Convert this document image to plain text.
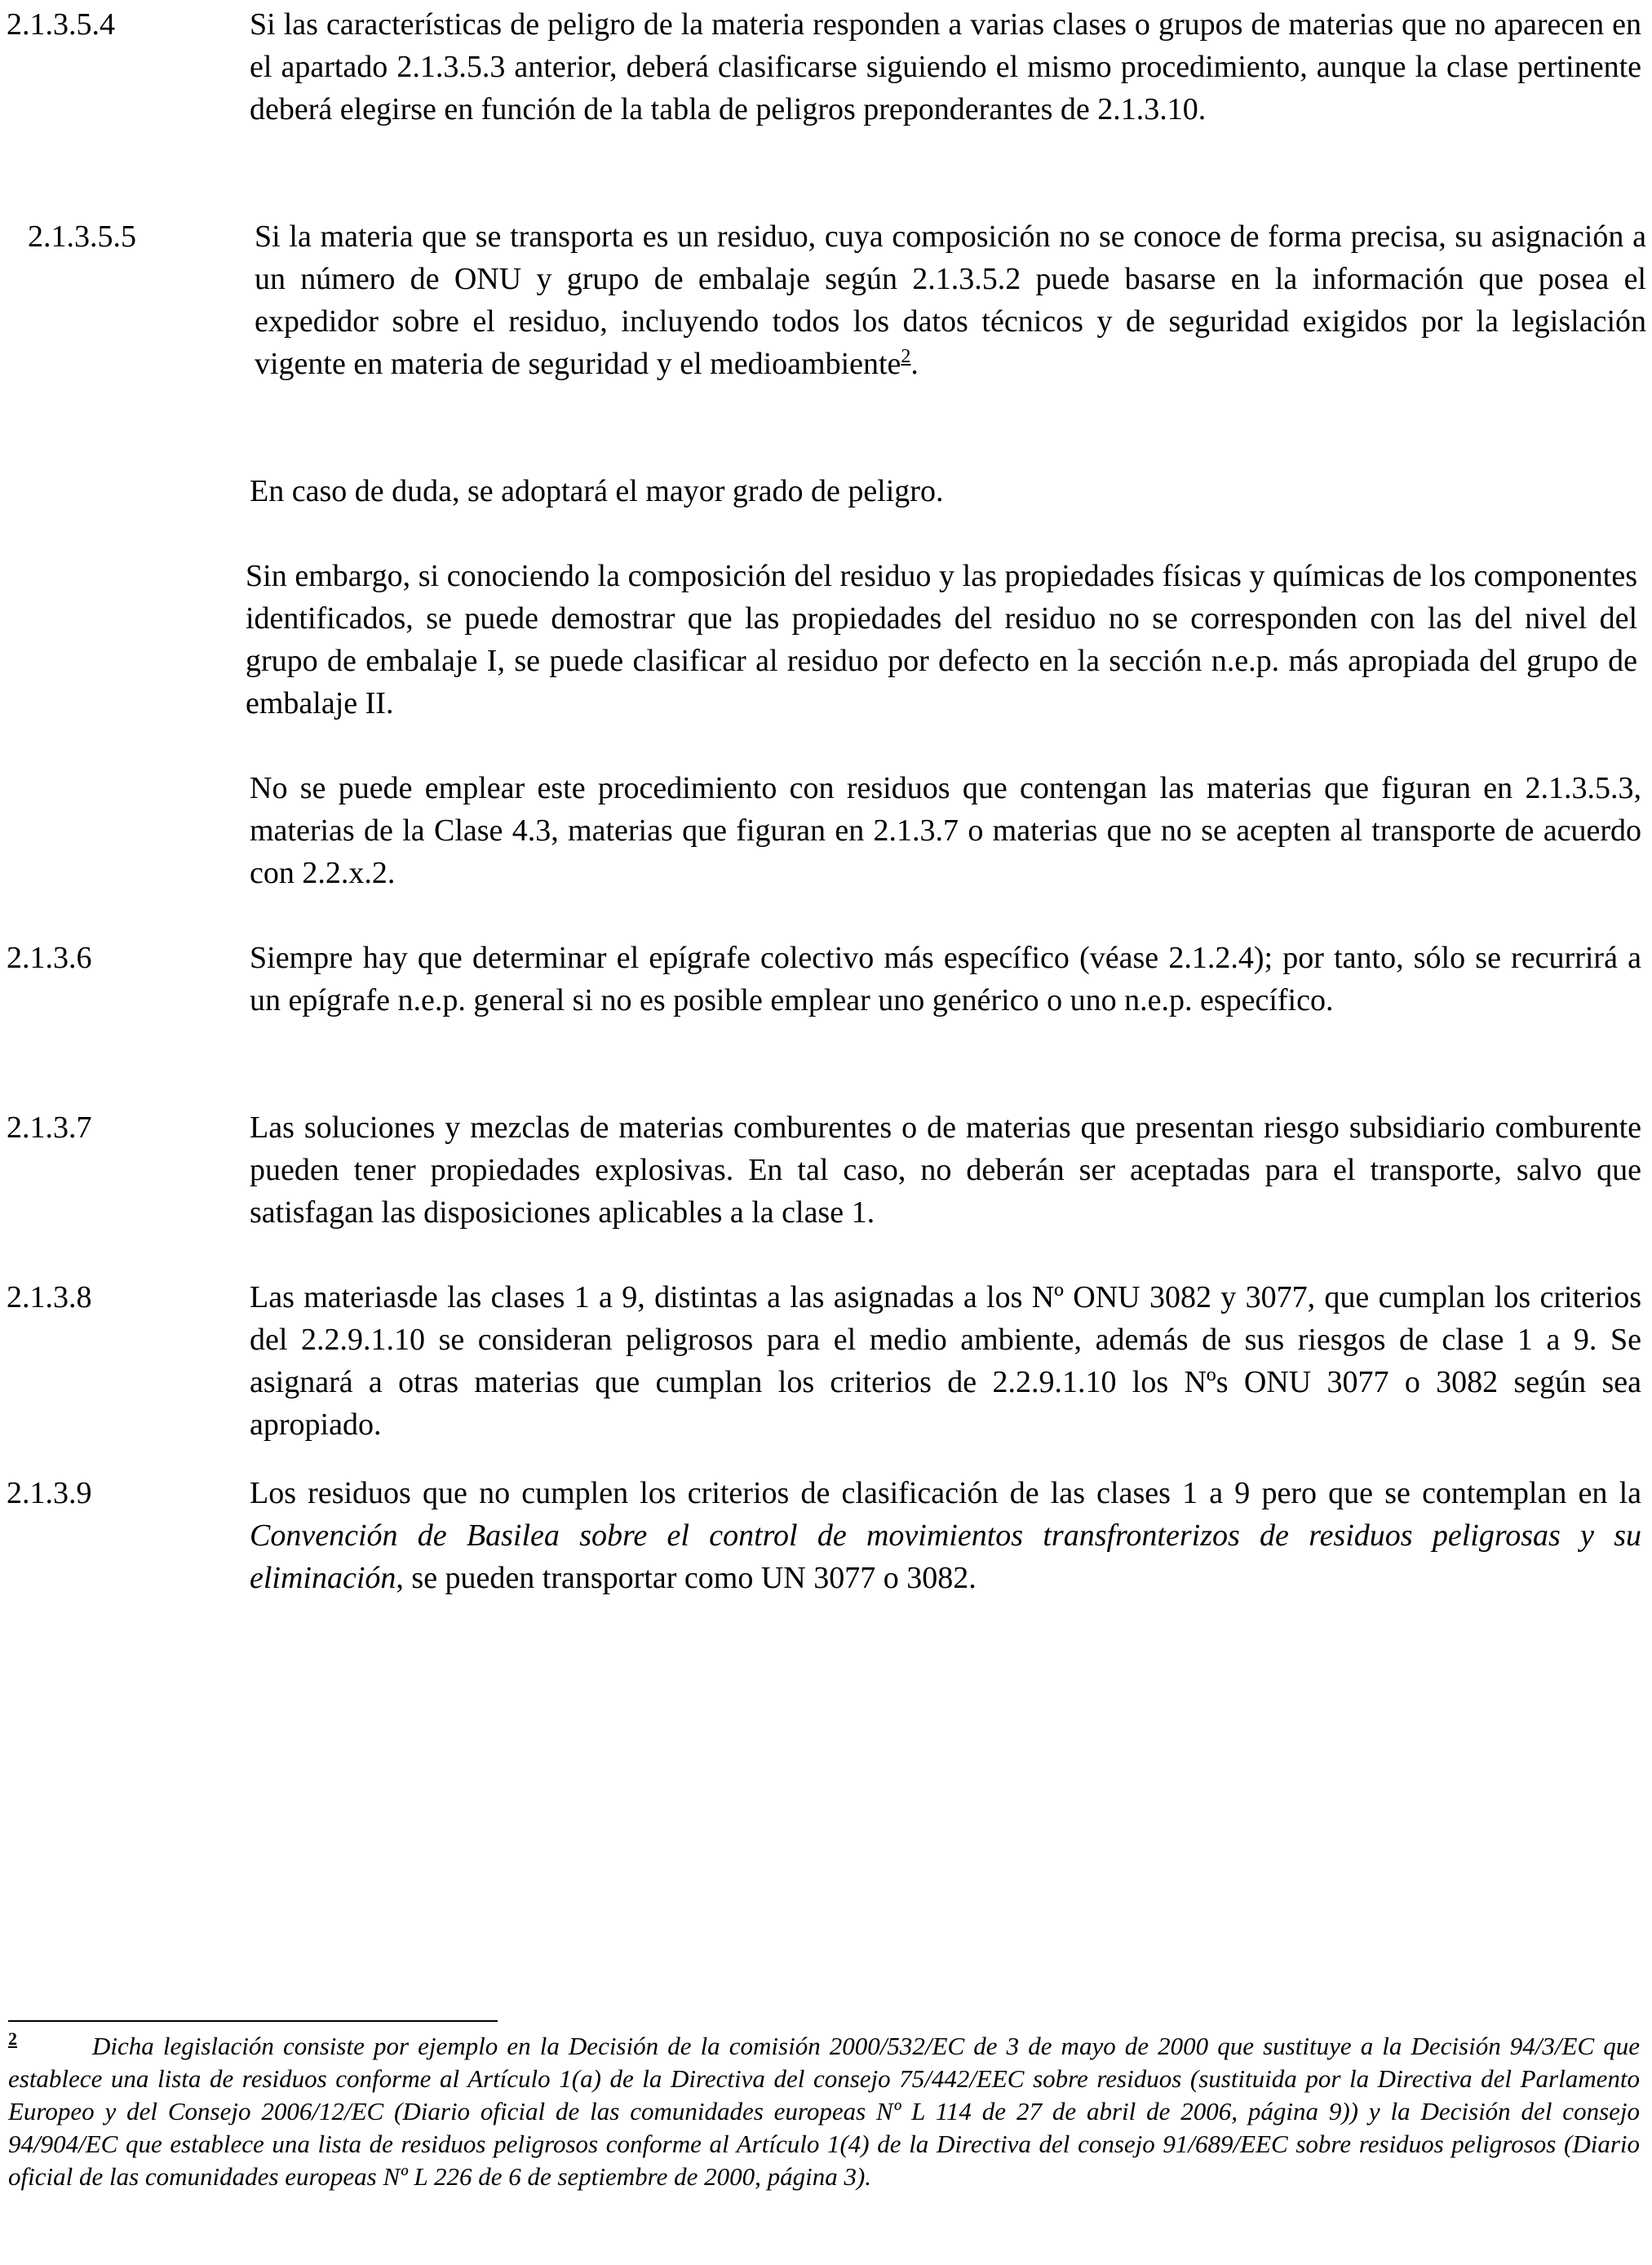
2.1.3.5.4	Si las características de peligro de la materia responden a varias clases o grupos de materias que no aparecen en el apartado 2.1.3.5.3 anterior, deberá clasificarse siguiendo el mismo procedimiento, aunque la clase pertinente deberá elegirse en función de la tabla de peligros preponderantes de 2.1.3.10.
2.1.3.5.5	Si la materia que se transporta es un residuo, cuya composición no se conoce de forma precisa, su asignación a un número de ONU y grupo de embalaje según 2.1.3.5.2 puede basarse en la información que posea el expedidor sobre el residuo, incluyendo todos los datos técnicos y de seguridad exigidos por la legislación vigente en materia de seguridad y el medioambiente$^2$.
En caso de duda, se adoptará el mayor grado de peligro.
Sin embargo, si conociendo la composición del residuo y las propiedades físicas y químicas de los componentes identificados, se puede demostrar que las propiedades del residuo no se corresponden con las del nivel del grupo de embalaje I, se puede clasificar al residuo por defecto en la sección n.e.p. más apropiada del grupo de embalaje II.
No se puede emplear este procedimiento con residuos que contengan las materias que figuran en 2.1.3.5.3, materias de la Clase 4.3, materias que figuran en 2.1.3.7 o materias que no se acepten al transporte de acuerdo con 2.2.x.2.
2.1.3.6	Siempre hay que determinar el epígrafe colectivo más específico (véase 2.1.2.4); por tanto, sólo se recurrirá a un epígrafe n.e.p. general si no es posible emplear uno genérico o uno n.e.p. específico.
2.1.3.7	Las soluciones y mezclas de materias comburentes o de materias que presentan riesgo subsidiario comburente pueden tener propiedades explosivas. En tal caso, no deberán ser aceptadas para el transporte, salvo que satisfagan las disposiciones aplicables a la clase 1.
2.1.3.8	Las materiasde las clases 1 a 9, distintas a las asignadas a los Nº ONU 3082 y 3077, que cumplan los criterios del 2.2.9.1.10 se consideran peligrosos para el medio ambiente, además de sus riesgos de clase 1 a 9. Se asignará a otras materias que cumplan los criterios de 2.2.9.1.10 los Nºs ONU 3077 o 3082 según sea apropiado.
2.1.3.9	Los residuos que no cumplen los criterios de clasificación de las clases 1 a 9 pero que se contemplan en la Convención de Basilea sobre el control de movimientos transfronterizos de residuos peligrosas y su eliminación, se pueden transportar como UN 3077 o 3082.
$^2$	Dicha legislación consiste por ejemplo en la Decisión de la comisión 2000/532/EC de 3 de mayo de 2000 que sustituye a la Decisión 94/3/EC que establece una lista de residuos conforme al Artículo 1(a) de la Directiva del consejo 75/442/EEC sobre residuos (sustituida por la Directiva del Parlamento Europeo y del Consejo 2006/12/EC (Diario oficial de las comunidades europeas Nº L 114 de 27 de abril de 2006, página 9)) y la Decisión del consejo 94/904/EC que establece una lista de residuos peligrosos conforme al Artículo 1(4) de la Directiva del consejo 91/689/EEC sobre residuos peligrosos (Diario oficial de las comunidades europeas Nº L 226 de 6 de septiembre de 2000, página 3).
